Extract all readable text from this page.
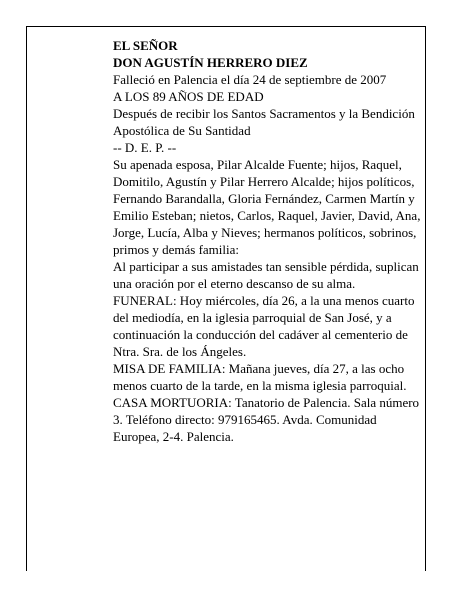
EL SEÑOR

DON AGUSTÍN HERRERO DIEZ

Falleció en Palencia el día 24 de septiembre de 2007

A LOS 89 AÑOS DE EDAD

Después de recibir los Santos Sacramentos y la Bendición Apostólica de Su Santidad

-- D. E. P. --

Su apenada esposa, Pilar Alcalde Fuente; hijos, Raquel, Domitilo, Agustín y Pilar Herrero Alcalde; hijos políticos, Fernando Barandalla, Gloria Fernández, Carmen Martín y Emilio Esteban; nietos, Carlos, Raquel, Javier, David, Ana, Jorge, Lucía, Alba y Nieves; hermanos políticos, sobrinos, primos y demás familia:

Al participar a sus amistades tan sensible pérdida, suplican una oración por el eterno descanso de su alma.

FUNERAL: Hoy miércoles, día 26, a la una menos cuarto del mediodía, en la iglesia parroquial de San José, y a continuación la conducción del cadáver al cementerio de Ntra. Sra. de los Ángeles.

MISA DE FAMILIA: Mañana jueves, día 27, a las ocho menos cuarto de la tarde, en la misma iglesia parroquial.

CASA MORTUORIA: Tanatorio de Palencia. Sala número 3. Teléfono directo: 979165465. Avda. Comunidad Europea, 2-4. Palencia.
